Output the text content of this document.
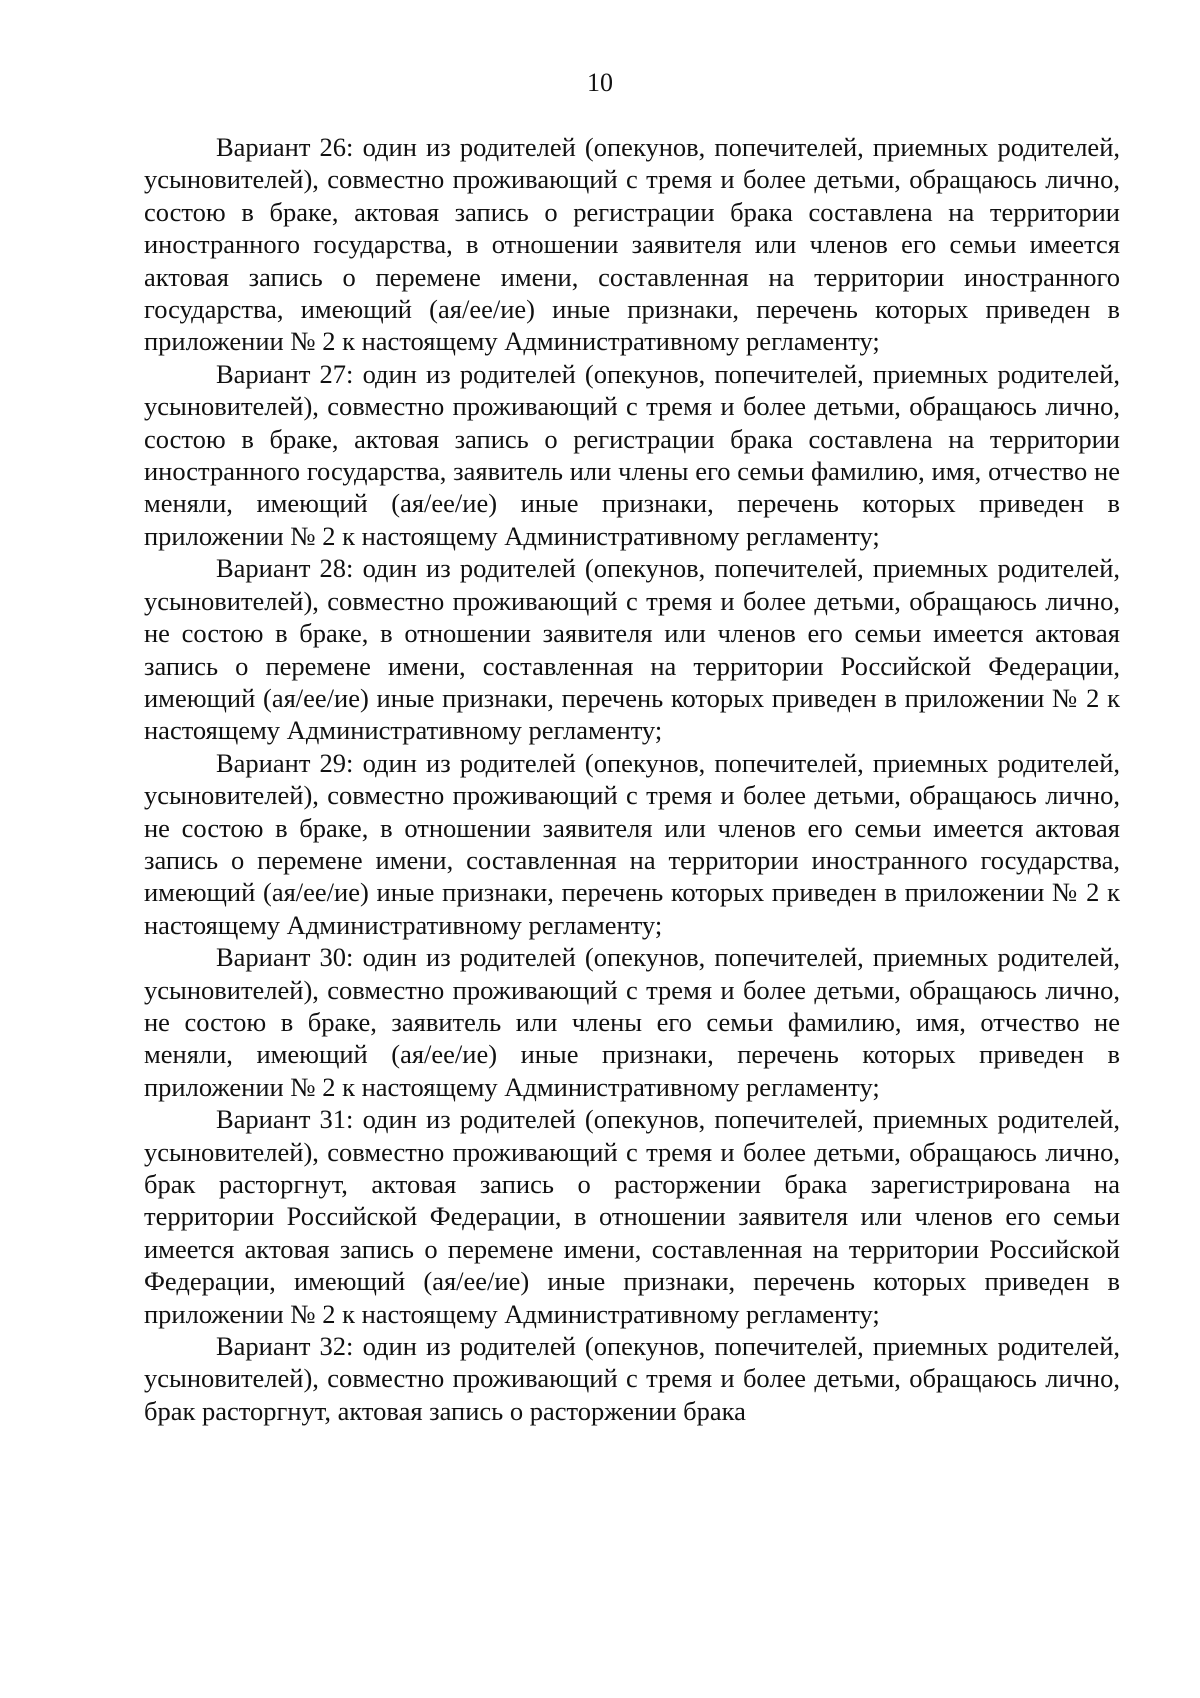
10

Вариант 26: один из родителей (опекунов, попечителей, приемных родителей, усыновителей), совместно проживающий с тремя и более детьми, обращаюсь лично, состою в браке, актовая запись о регистрации брака составлена на территории иностранного государства, в отношении заявителя или членов его семьи имеется актовая запись о перемене имени, составленная на территории иностранного государства, имеющий (ая/ее/ие) иные признаки, перечень которых приведен в приложении № 2 к настоящему Административному регламенту;

Вариант 27: один из родителей (опекунов, попечителей, приемных родителей, усыновителей), совместно проживающий с тремя и более детьми, обращаюсь лично, состою в браке, актовая запись о регистрации брака составлена на территории иностранного государства, заявитель или члены его семьи фамилию, имя, отчество не меняли, имеющий (ая/ее/ие) иные признаки, перечень которых приведен в приложении № 2 к настоящему Административному регламенту;

Вариант 28: один из родителей (опекунов, попечителей, приемных родителей, усыновителей), совместно проживающий с тремя и более детьми, обращаюсь лично, не состою в браке, в отношении заявителя или членов его семьи имеется актовая запись о перемене имени, составленная на территории Российской Федерации, имеющий (ая/ее/ие) иные признаки, перечень которых приведен в приложении № 2 к настоящему Административному регламенту;

Вариант 29: один из родителей (опекунов, попечителей, приемных родителей, усыновителей), совместно проживающий с тремя и более детьми, обращаюсь лично, не состою в браке, в отношении заявителя или членов его семьи имеется актовая запись о перемене имени, составленная на территории иностранного государства, имеющий (ая/ее/ие) иные признаки, перечень которых приведен в приложении № 2 к настоящему Административному регламенту;

Вариант 30: один из родителей (опекунов, попечителей, приемных родителей, усыновителей), совместно проживающий с тремя и более детьми, обращаюсь лично, не состою в браке, заявитель или члены его семьи фамилию, имя, отчество не меняли, имеющий (ая/ее/ие) иные признаки, перечень которых приведен в приложении № 2 к настоящему Административному регламенту;

Вариант 31: один из родителей (опекунов, попечителей, приемных родителей, усыновителей), совместно проживающий с тремя и более детьми, обращаюсь лично, брак расторгнут, актовая запись о расторжении брака зарегистрирована на территории Российской Федерации, в отношении заявителя или членов его семьи имеется актовая запись о перемене имени, составленная на территории Российской Федерации, имеющий (ая/ее/ие) иные признаки, перечень которых приведен в приложении № 2 к настоящему Административному регламенту;

Вариант 32: один из родителей (опекунов, попечителей, приемных родителей, усыновителей), совместно проживающий с тремя и более детьми, обращаюсь лично, брак расторгнут, актовая запись о расторжении брака
